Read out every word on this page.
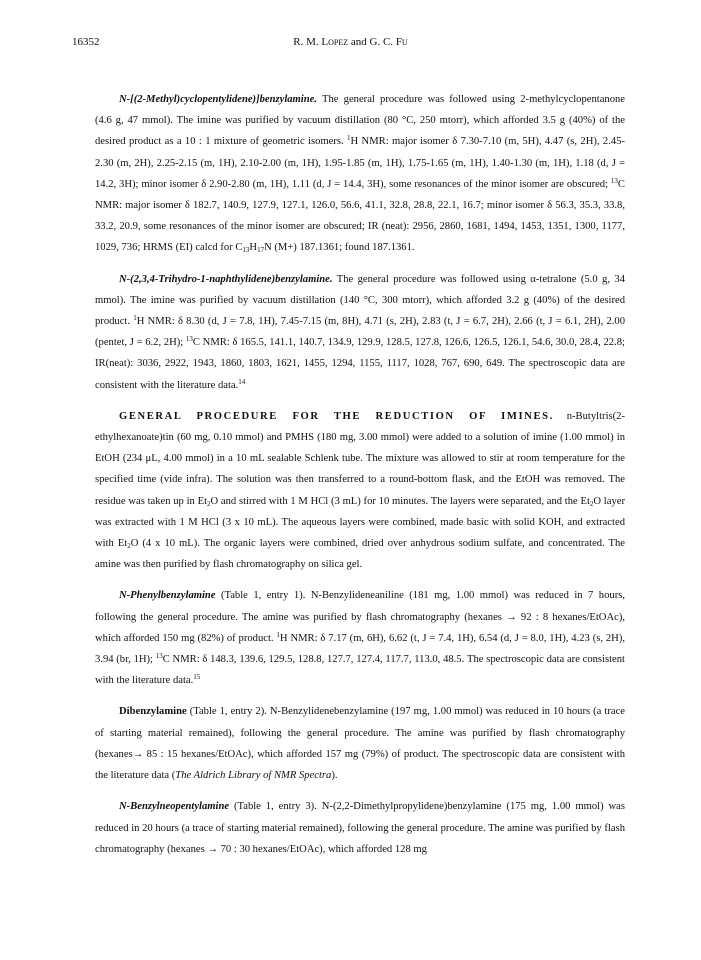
16352	R. M. Lopez and G. C. Fu

N-[(2-Methyl)cyclopentylidene)]benzylamine. The general procedure was followed using 2-methylcyclopentanone (4.6 g, 47 mmol). The imine was purified by vacuum distillation (80 °C, 250 mtorr), which afforded 3.5 g (40%) of the desired product as a 10 : 1 mixture of geometric isomers. $^1$H NMR: major isomer δ 7.30-7.10 (m, 5H), 4.47 (s, 2H), 2.45-2.30 (m, 2H), 2.25-2.15 (m, 1H), 2.10-2.00 (m, 1H), 1.95-1.85 (m, 1H), 1.75-1.65 (m, 1H), 1.40-1.30 (m, 1H), 1.18 (d, J = 14.2, 3H); minor isomer δ 2.90-2.80 (m, 1H), 1.11 (d, J = 14.4, 3H), some resonances of the minor isomer are obscured; $^{13}$C NMR: major isomer δ 182.7, 140.9, 127.9, 127.1, 126.0, 56.6, 41.1, 32.8, 28.8, 22.1, 16.7; minor isomer δ 56.3, 35.3, 33.8, 33.2, 20.9, some resonances of the minor isomer are obscured; IR (neat): 2956, 2860, 1681, 1494, 1453, 1351, 1300, 1177, 1029, 736; HRMS (EI) calcd for $C_{13}H_{17}N$ (M+) 187.1361; found 187.1361.

N-(2,3,4-Trihydro-1-naphthylidene)benzylamine. The general procedure was followed using α-tetralone (5.0 g, 34 mmol). The imine was purified by vacuum distillation (140 °C, 300 mtorr), which afforded 3.2 g (40%) of the desired product. $^1$H NMR: δ 8.30 (d, J = 7.8, 1H), 7.45-7.15 (m, 8H), 4.71 (s, 2H), 2.83 (t, J = 6.7, 2H), 2.66 (t, J = 6.1, 2H), 2.00 (pentet, J = 6.2, 2H); $^{13}$C NMR: δ 165.5, 141.1, 140.7, 134.9, 129.9, 128.5, 127.8, 126.6, 126.5, 126.1, 54.6, 30.0, 28.4, 22.8; IR(neat): 3036, 2922, 1943, 1860, 1803, 1621, 1455, 1294, 1155, 1117, 1028, 767, 690, 649. The spectroscopic data are consistent with the literature data.$^{14}$

GENERAL PROCEDURE FOR THE REDUCTION OF IMINES. n-Butyltris(2-ethylhexanoate)tin (60 mg, 0.10 mmol) and PMHS (180 mg, 3.00 mmol) were added to a solution of imine (1.00 mmol) in EtOH (234 μL, 4.00 mmol) in a 10 mL sealable Schlenk tube. The mixture was allowed to stir at room temperature for the specified time (vide infra). The solution was then transferred to a round-bottom flask, and the EtOH was removed. The residue was taken up in $Et_2O$ and stirred with 1 M HCl (3 mL) for 10 minutes. The layers were separated, and the $Et_2O$ layer was extracted with 1 M HCl (3 x 10 mL). The aqueous layers were combined, made basic with solid KOH, and extracted with $Et_2O$ (4 x 10 mL). The organic layers were combined, dried over anhydrous sodium sulfate, and concentrated. The amine was then purified by flash chromatography on silica gel.

N-Phenylbenzylamine (Table 1, entry 1). N-Benzylideneaniline (181 mg, 1.00 mmol) was reduced in 7 hours, following the general procedure. The amine was purified by flash chromatography (hexanes → 92 : 8 hexanes/EtOAc), which afforded 150 mg (82%) of product. $^1$H NMR: δ 7.17 (m, 6H), 6.62 (t, J = 7.4, 1H), 6.54 (d, J = 8.0, 1H), 4.23 (s, 2H), 3.94 (br, 1H); $^{13}$C NMR: δ 148.3, 139.6, 129.5, 128.8, 127.7, 127.4, 117.7, 113.0, 48.5. The spectroscopic data are consistent with the literature data.$^{15}$

Dibenzylamine (Table 1, entry 2). N-Benzylidenebenzylamine (197 mg, 1.00 mmol) was reduced in 10 hours (a trace of starting material remained), following the general procedure. The amine was purified by flash chromatography (hexanes→ 85 : 15 hexanes/EtOAc), which afforded 157 mg (79%) of product. The spectroscopic data are consistent with the literature data (The Aldrich Library of NMR Spectra).

N-Benzylneopentylamine (Table 1, entry 3). N-(2,2-Dimethylpropylidene)benzylamine (175 mg, 1.00 mmol) was reduced in 20 hours (a trace of starting material remained), following the general procedure. The amine was purified by flash chromatography (hexanes → 70 : 30 hexanes/EtOAc), which afforded 128 mg
